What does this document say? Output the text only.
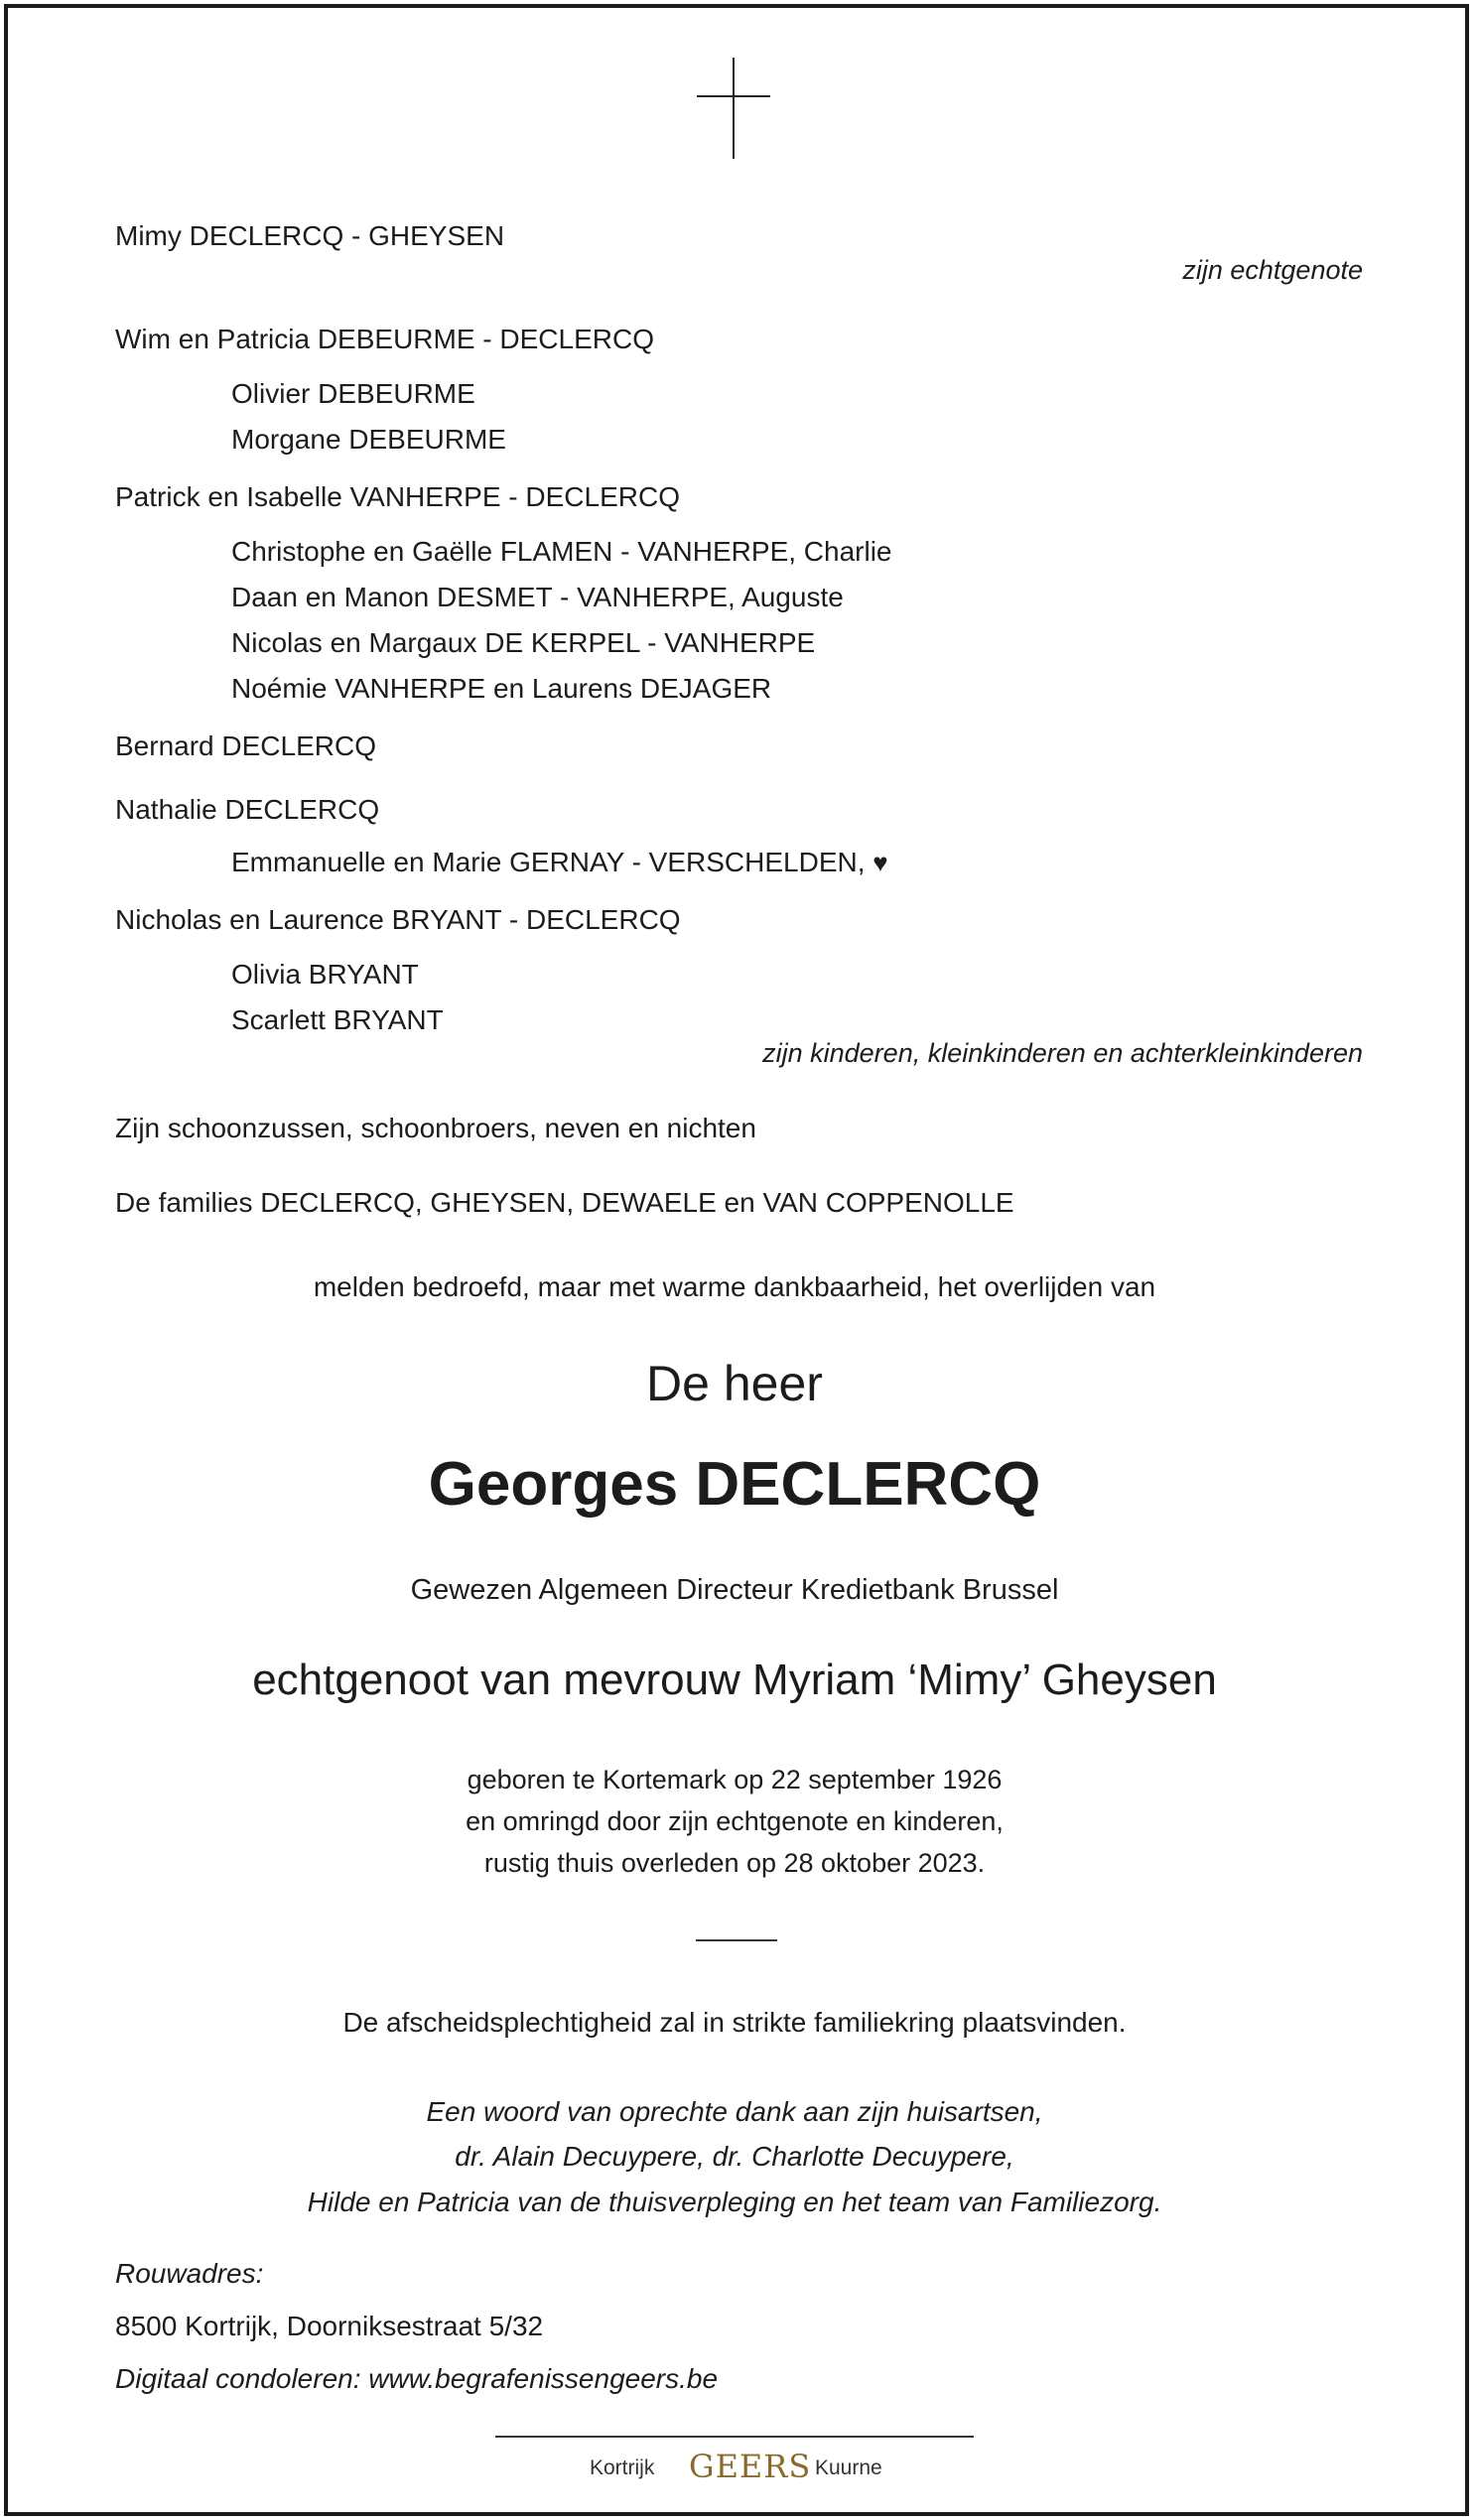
Mimy DECLERCQ - GHEYSEN
zijn echtgenote
Wim en Patricia DEBEURME - DECLERCQ
Olivier DEBEURME
Morgane DEBEURME
Patrick en Isabelle VANHERPE - DECLERCQ
Christophe en Gaëlle FLAMEN - VANHERPE, Charlie
Daan en Manon DESMET - VANHERPE, Auguste
Nicolas en Margaux DE KERPEL - VANHERPE
Noémie VANHERPE en Laurens DEJAGER
Bernard DECLERCQ
Nathalie DECLERCQ
Emmanuelle en Marie GERNAY - VERSCHELDEN, ♥
Nicholas en Laurence BRYANT - DECLERCQ
Olivia BRYANT
Scarlett BRYANT
zijn kinderen, kleinkinderen en achterkleinkinderen
Zijn schoonzussen, schoonbroers, neven en nichten
De families DECLERCQ, GHEYSEN, DEWAELE en VAN COPPENOLLE
melden bedroefd, maar met warme dankbaarheid, het overlijden van
De heer
Georges DECLERCQ
Gewezen Algemeen Directeur Kredietbank Brussel
echtgenoot van mevrouw Myriam ‘Mimy’ Gheysen
geboren te Kortemark op 22 september 1926
en omringd door zijn echtgenote en kinderen,
rustig thuis overleden op 28 oktober 2023.
De afscheidsplechtigheid zal in strikte familiekring plaatsvinden.
Een woord van oprechte dank aan zijn huisartsen,
dr. Alain Decuypere, dr. Charlotte Decuypere,
Hilde en Patricia van de thuisverpleging en het team van Familiezorg.
Rouwadres:
8500 Kortrijk, Doorniksestraat 5/32
Digitaal condoleren: www.begrafenissengeers.be
Kortrijk GEERS Kuurne
